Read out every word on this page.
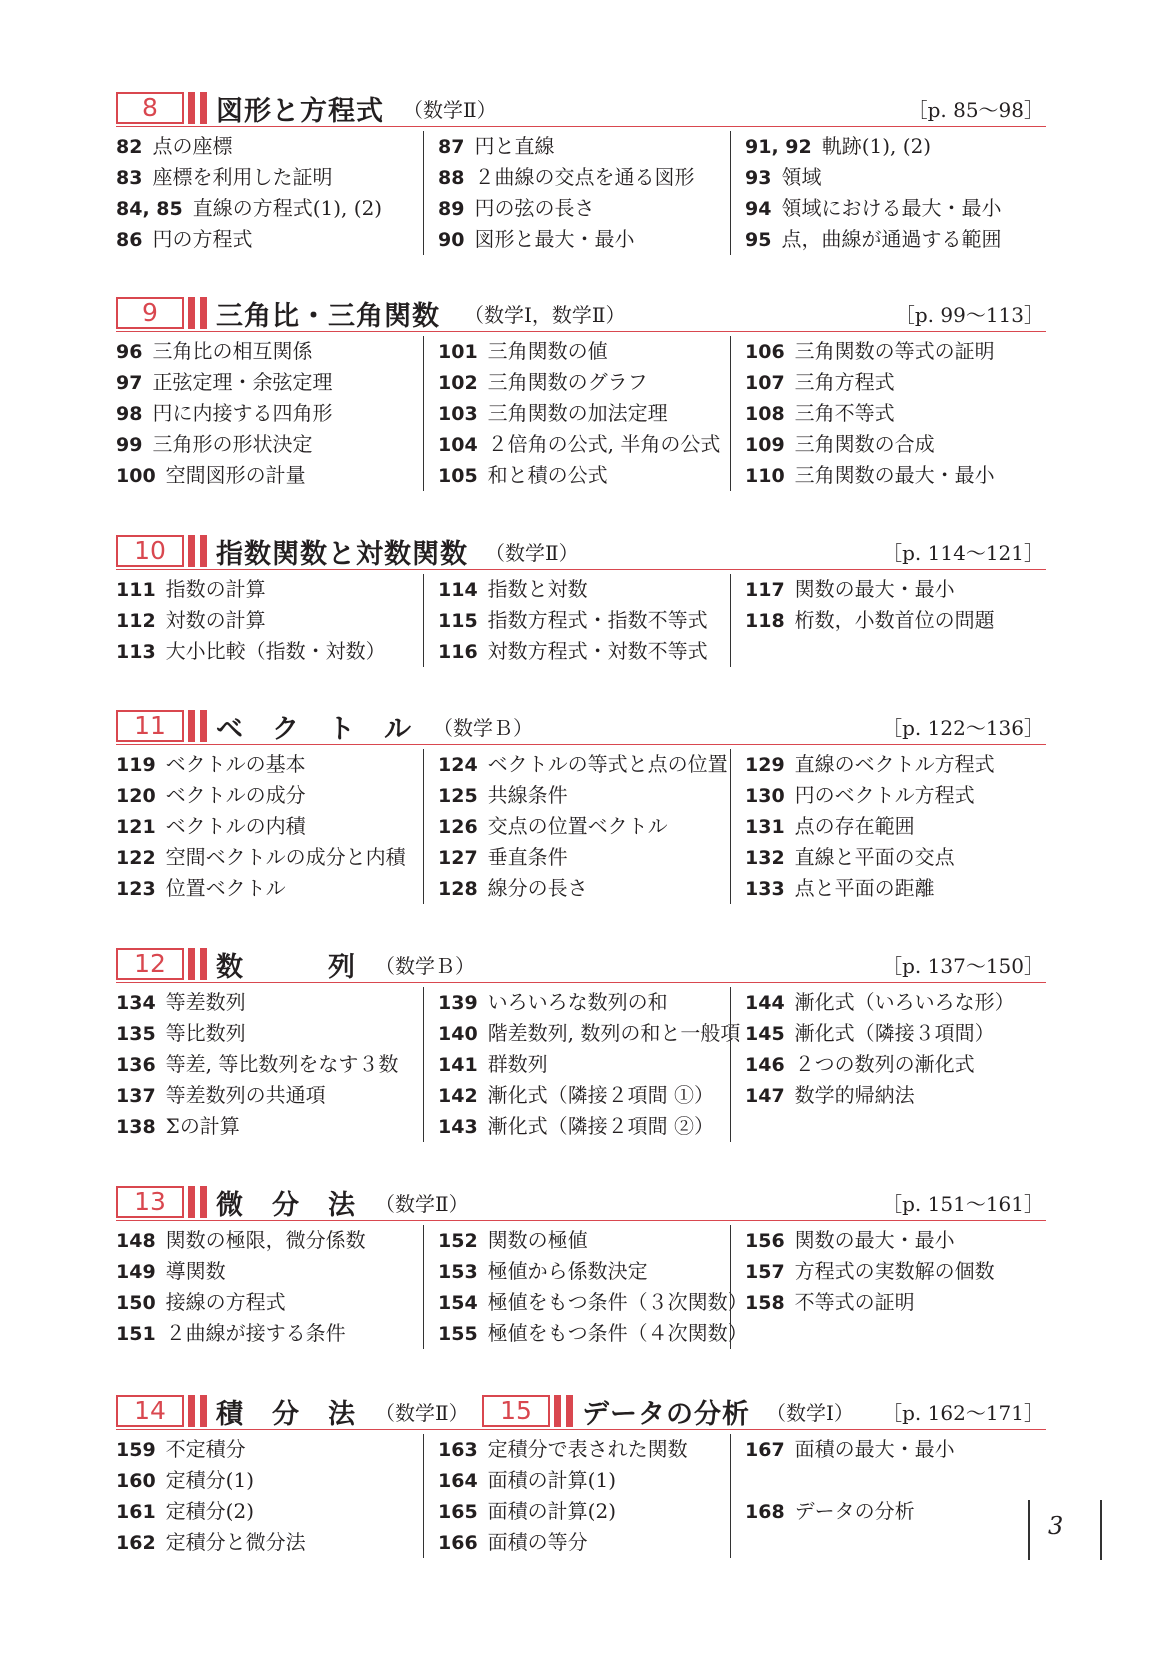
8	図形と方程式 （数学Ⅱ）	［p. 85〜98］
82 点の座標
83 座標を利用した証明
84, 85 直線の方程式(1), (2)
86 円の方程式
87 円と直線
88 ２曲線の交点を通る図形
89 円の弦の長さ
90 図形と最大・最小
91, 92 軌跡(1), (2)
93 領域
94 領域における最大・最小
95 点，曲線が通過する範囲
9	三角比・三角関数 （数学Ⅰ，数学Ⅱ）	［p. 99〜113］
96 三角比の相互関係
97 正弦定理・余弦定理
98 円に内接する四角形
99 三角形の形状決定
100 空間図形の計量
101 三角関数の値
102 三角関数のグラフ
103 三角関数の加法定理
104 ２倍角の公式, 半角の公式
105 和と積の公式
106 三角関数の等式の証明
107 三角方程式
108 三角不等式
109 三角関数の合成
110 三角関数の最大・最小
10	指数関数と対数関数 （数学Ⅱ）	［p. 114〜121］
111 指数の計算
112 対数の計算
113 大小比較（指数・対数）
114 指数と対数
115 指数方程式・指数不等式
116 対数方程式・対数不等式
117 関数の最大・最小
118 桁数，小数首位の問題
11	ベ　ク　ト　ル （数学Ｂ）	［p. 122〜136］
119 ベクトルの基本
120 ベクトルの成分
121 ベクトルの内積
122 空間ベクトルの成分と内積
123 位置ベクトル
124 ベクトルの等式と点の位置
125 共線条件
126 交点の位置ベクトル
127 垂直条件
128 線分の長さ
129 直線のベクトル方程式
130 円のベクトル方程式
131 点の存在範囲
132 直線と平面の交点
133 点と平面の距離
12	数　　　列 （数学Ｂ）	［p. 137〜150］
134 等差数列
135 等比数列
136 等差, 等比数列をなす３数
137 等差数列の共通項
138 Σの計算
139 いろいろな数列の和
140 階差数列, 数列の和と一般項
141 群数列
142 漸化式（隣接２項間 ①）
143 漸化式（隣接２項間 ②）
144 漸化式（いろいろな形）
145 漸化式（隣接３項間）
146 ２つの数列の漸化式
147 数学的帰納法
13	微　分　法 （数学Ⅱ）	［p. 151〜161］
148 関数の極限，微分係数
149 導関数
150 接線の方程式
151 ２曲線が接する条件
152 関数の極値
153 極値から係数決定
154 極値をもつ条件（３次関数）
155 極値をもつ条件（４次関数）
156 関数の最大・最小
157 方程式の実数解の個数
158 不等式の証明
14	積　分　法 （数学Ⅱ）	15	データの分析 （数学Ⅰ） ［p. 162〜171］
159 不定積分
160 定積分(1)
161 定積分(2)
162 定積分と微分法
163 定積分で表された関数
164 面積の計算(1)
165 面積の計算(2)
166 面積の等分
167 面積の最大・最小
168 データの分析
3
